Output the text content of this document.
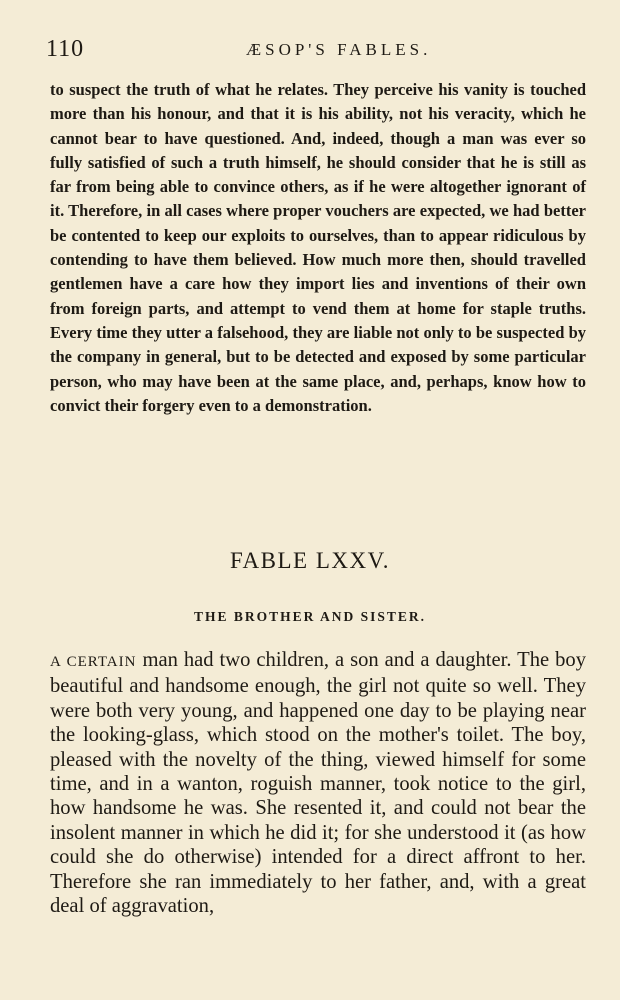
110	ÆSOP'S FABLES.

to suspect the truth of what he relates. They perceive his vanity is touched more than his honour, and that it is his ability, not his veracity, which he cannot bear to have questioned. And, indeed, though a man was ever so fully satisfied of such a truth himself, he should consider that he is still as far from being able to convince others, as if he were altogether ignorant of it. Therefore, in all cases where proper vouchers are expected, we had better be contented to keep our exploits to ourselves, than to appear ridiculous by contending to have them believed. How much more then, should travelled gentlemen have a care how they import lies and inventions of their own from foreign parts, and attempt to vend them at home for staple truths. Every time they utter a falsehood, they are liable not only to be suspected by the company in general, but to be detected and exposed by some particular person, who may have been at the same place, and, perhaps, know how to convict their forgery even to a demonstration.

FABLE LXXV.
THE BROTHER AND SISTER.

A CERTAIN man had two children, a son and a daughter. The boy beautiful and handsome enough, the girl not quite so well. They were both very young, and happened one day to be playing near the looking-glass, which stood on the mother's toilet. The boy, pleased with the novelty of the thing, viewed himself for some time, and in a wanton, roguish manner, took notice to the girl, how handsome he was. She resented it, and could not bear the insolent manner in which he did it; for she understood it (as how could she do otherwise) intended for a direct affront to her. Therefore she ran immediately to her father, and, with a great deal of aggravation,
